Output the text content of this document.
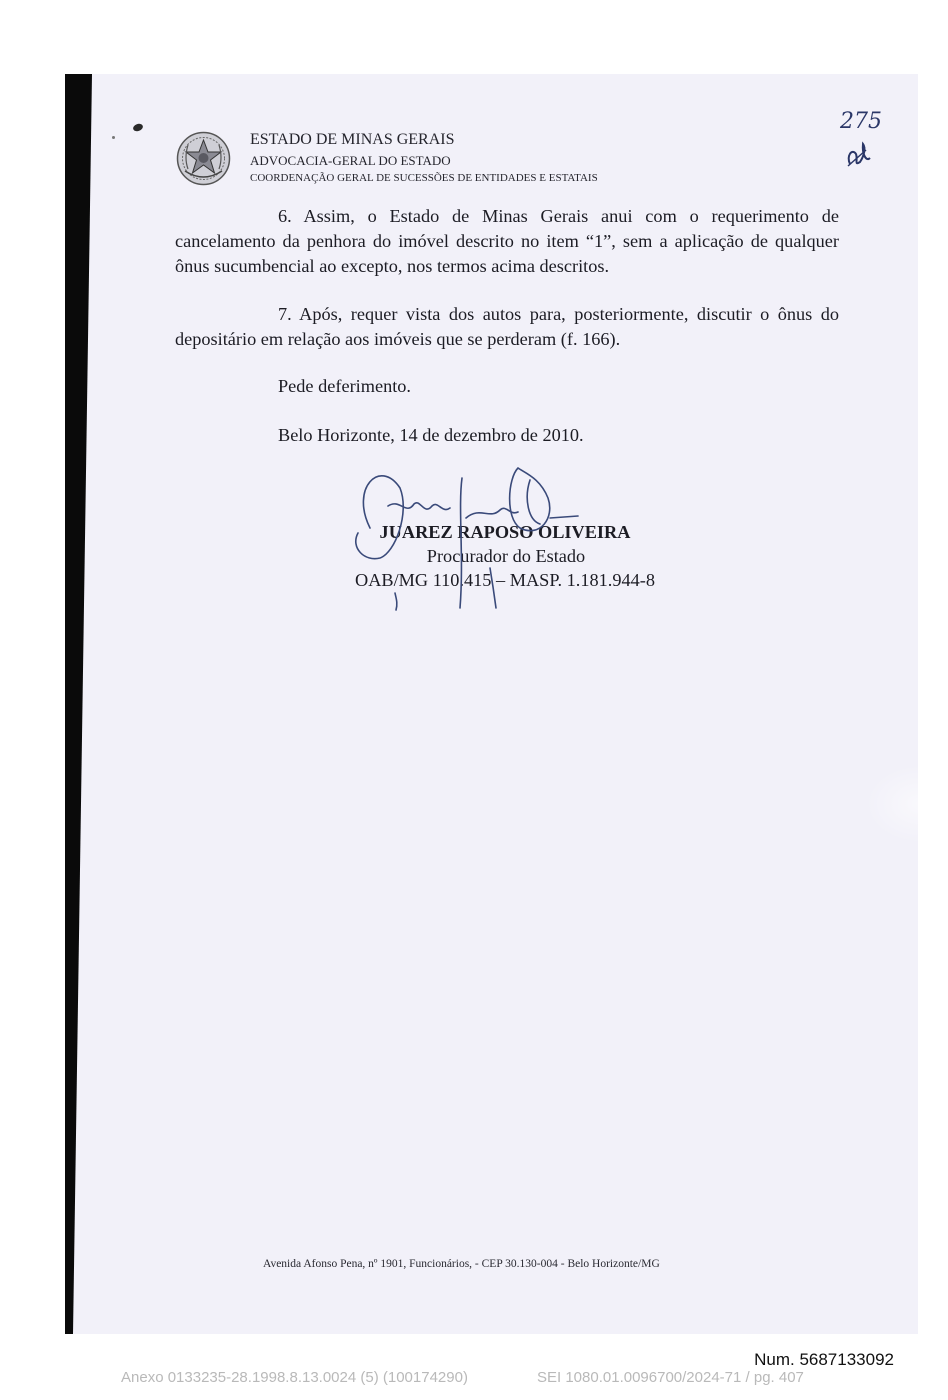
ESTADO DE MINAS GERAIS
ADVOCACIA-GERAL DO ESTADO
COORDENAÇÃO GERAL DE SUCESSÕES DE ENTIDADES E ESTATAIS
275

6. Assim, o Estado de Minas Gerais anui com o requerimento de cancelamento da penhora do imóvel descrito no item “1”, sem a aplicação de qualquer ônus sucumbencial ao excepto, nos termos acima descritos.

7. Após, requer vista dos autos para, posteriormente, discutir o ônus do depositário em relação aos imóveis que se perderam (f. 166).

Pede deferimento.
Belo Horizonte, 14 de dezembro de 2010.
JUAREZ RAPOSO OLIVEIRA
Procurador do Estado
OAB/MG 110.415 – MASP. 1.181.944-8
Avenida Afonso Pena, nº 1901, Funcionários, - CEP 30.130-004 - Belo Horizonte/MG
Num. 5687133092
Anexo 0133235-28.1998.8.13.0024 (5) (100174290)	SEI 1080.01.0096700/2024-71 / pg. 407
